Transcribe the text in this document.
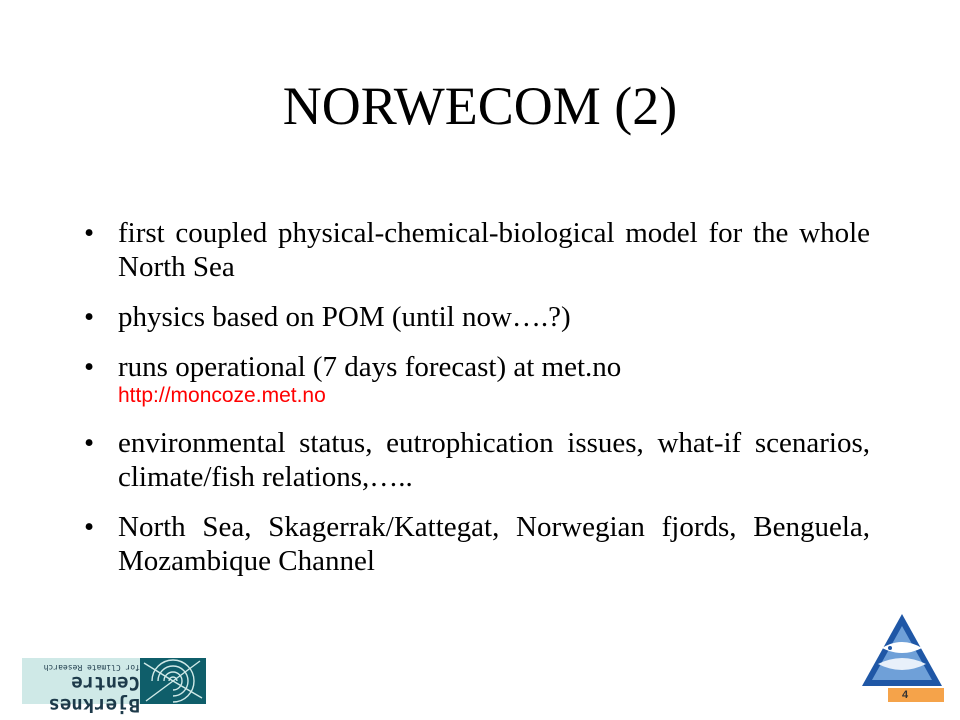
NORWECOM (2)
• first coupled physical-chemical-biological model for the whole North Sea
• physics based on POM (until now….?)
• runs operational (7 days forecast) at met.no
http://moncoze.met.no
• environmental status, eutrophication issues, what-if scenarios, climate/fish relations,…..
• North Sea, Skagerrak/Kattegat, Norwegian fjords, Benguela, Mozambique Channel
Bjerknes Centre
for Climate Research
4
